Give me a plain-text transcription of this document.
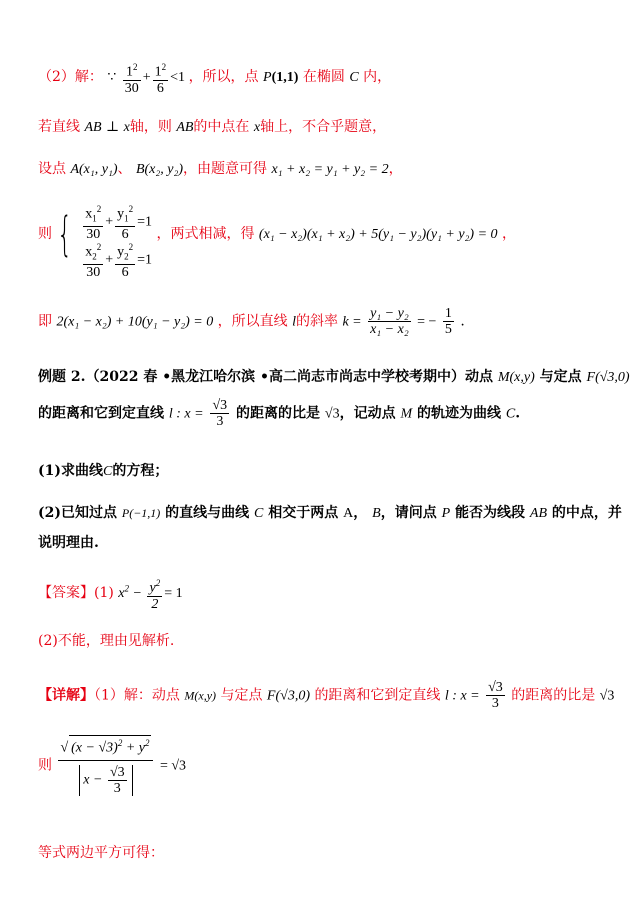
（2）解： ∵ $\frac{1^2}{30} + \frac{1^2}{6} <1$ ，所以，点 P(1,1) 在椭圆 C 内，
若直线 AB ⊥ x轴，则 AB的中点在 x轴上，不合乎题意，
设点 A(x₁, y₁)、 B(x₂, y₂)，由题意可得 x₁ + x₂ = y₁ + y₂ = 2，
则 { $\frac{x_1^2}{30} + \frac{y_1^2}{6} =1$
$\frac{x_2^2}{30} + \frac{y_2^2}{6} =1$
，两式相减，得 (x₁ − x₂)(x₁ + x₂) + 5(y₁ − y₂)(y₁ + y₂) = 0 ，
即 2(x₁ − x₂) + 10(y₁ − y₂) = 0 ，所以直线 l的斜率 $k = \frac{\text{y₁ − y₂}}{\text{x₁ − x₂}}$ = − $\frac{1}{5}$ .
例题 2.（2022 春 •黑龙江哈尔滨 •高二尚志市尚志中学校考期中）动点 M(x,y) 与定点 F(√3,0)
的距离和它到定直线 l : $x = \frac{√3}{3}$ 的距离的比是 √3，记动点 M 的轨迹为曲线 C.
(1)求曲线C的方程；
(2)已知过点 P(−1,1) 的直线与曲线 C 相交于两点 A， B，请问点 P 能否为线段 AB 的中点，并
说明理由.
【答案】(1) $x^2 - \frac{y^2}{2} = 1$
(2)不能，理由见解析.
【详解】（1）解：动点 M(x,y) 与定点 F(√3,0) 的距离和它到定直线 l : $x = \frac{√3}{3}$ 的距离的比是 √3
则 $\frac{√ (x - √3)^2 + y^2}{x - \frac{√3}{3}} = √3$
等式两边平方可得：
